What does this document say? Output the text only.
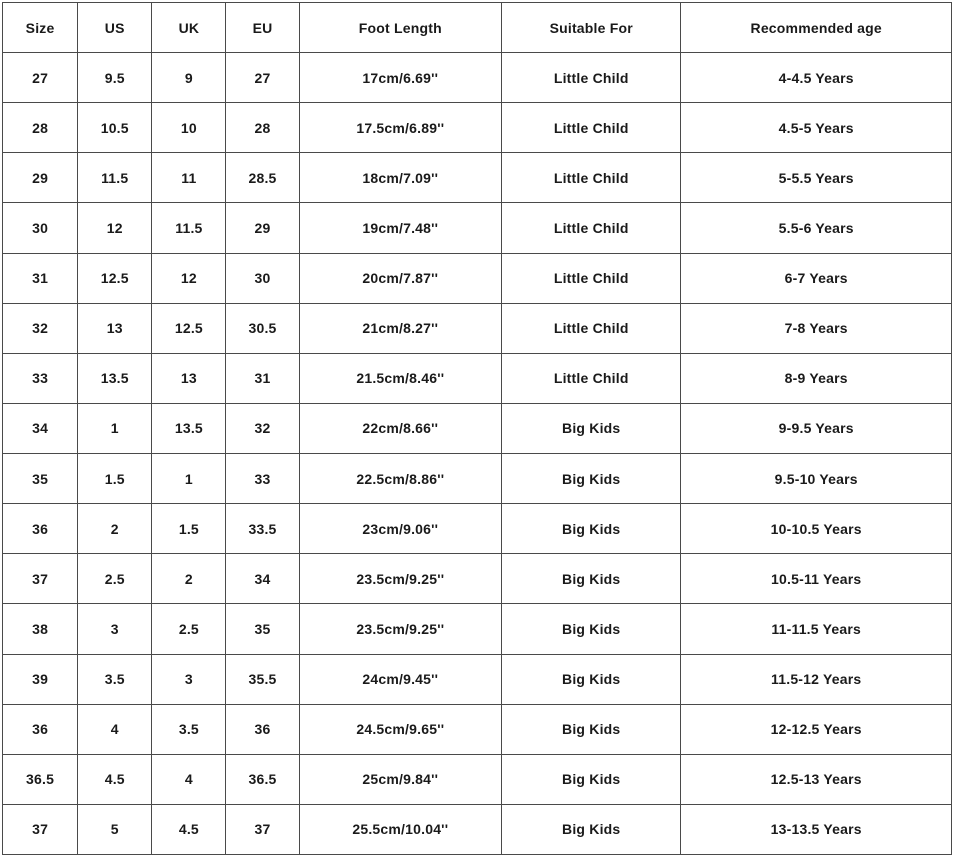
Size	US	UK	EU	Foot Length	Suitable For	Recommended age
27	9.5	9	27	17cm/6.69''	Little Child	4-4.5 Years
28	10.5	10	28	17.5cm/6.89''	Little Child	4.5-5 Years
29	11.5	11	28.5	18cm/7.09''	Little Child	5-5.5 Years
30	12	11.5	29	19cm/7.48''	Little Child	5.5-6 Years
31	12.5	12	30	20cm/7.87''	Little Child	6-7 Years
32	13	12.5	30.5	21cm/8.27''	Little Child	7-8 Years
33	13.5	13	31	21.5cm/8.46''	Little Child	8-9 Years
34	1	13.5	32	22cm/8.66''	Big Kids	9-9.5 Years
35	1.5	1	33	22.5cm/8.86''	Big Kids	9.5-10 Years
36	2	1.5	33.5	23cm/9.06''	Big Kids	10-10.5 Years
37	2.5	2	34	23.5cm/9.25''	Big Kids	10.5-11 Years
38	3	2.5	35	23.5cm/9.25''	Big Kids	11-11.5 Years
39	3.5	3	35.5	24cm/9.45''	Big Kids	11.5-12 Years
36	4	3.5	36	24.5cm/9.65''	Big Kids	12-12.5 Years
36.5	4.5	4	36.5	25cm/9.84''	Big Kids	12.5-13 Years
37	5	4.5	37	25.5cm/10.04''	Big Kids	13-13.5 Years
